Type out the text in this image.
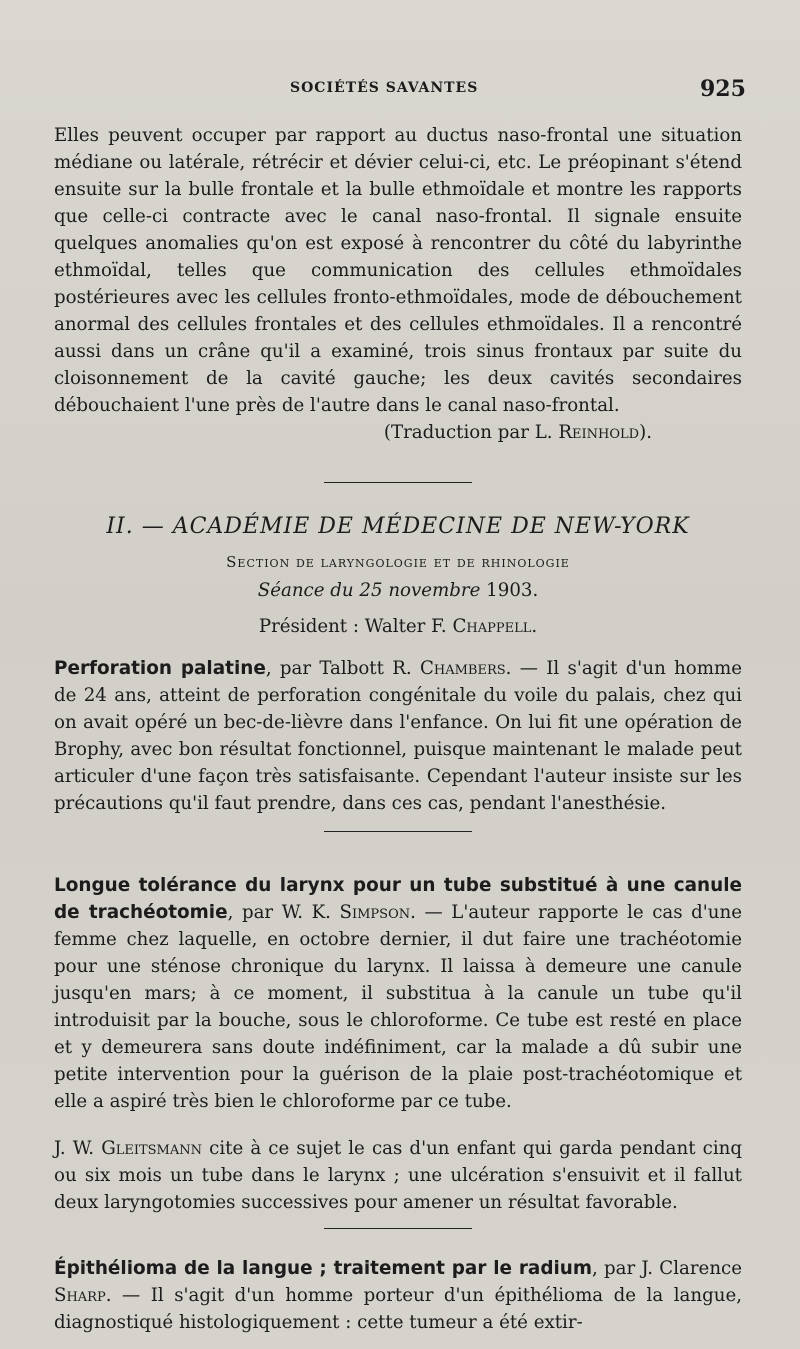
SOCIÉTÉS SAVANTES	925

Elles peuvent occuper par rapport au ductus naso-frontal une situation médiane ou latérale, rétrécir et dévier celui-ci, etc. Le préopinant s'étend ensuite sur la bulle frontale et la bulle ethmoïdale et montre les rapports que celle-ci contracte avec le canal naso-frontal. Il signale ensuite quelques anomalies qu'on est exposé à rencontrer du côté du labyrinthe ethmoïdal, telles que communication des cellules ethmoïdales postérieures avec les cellules fronto-ethmoïdales, mode de débouchement anormal des cellules frontales et des cellules ethmoïdales. Il a rencontré aussi dans un crâne qu'il a examiné, trois sinus frontaux par suite du cloisonnement de la cavité gauche; les deux cavités secondaires débouchaient l'une près de l'autre dans le canal naso-frontal.

(Traduction par L. Reinhold).
II. — ACADÉMIE DE MÉDECINE DE NEW-YORK
Section de laryngologie et de rhinologie
Séance du 25 novembre 1903.
Président : Walter F. Chappell.

Perforation palatine, par Talbott R. Chambers. — Il s'agit d'un homme de 24 ans, atteint de perforation congénitale du voile du palais, chez qui on avait opéré un bec-de-lièvre dans l'enfance. On lui fit une opération de Brophy, avec bon résultat fonctionnel, puisque maintenant le malade peut articuler d'une façon très satisfaisante. Cependant l'auteur insiste sur les précautions qu'il faut prendre, dans ces cas, pendant l'anesthésie.

Longue tolérance du larynx pour un tube substitué à une canule de trachéotomie, par W. K. Simpson. — L'auteur rapporte le cas d'une femme chez laquelle, en octobre dernier, il dut faire une trachéotomie pour une sténose chronique du larynx. Il laissa à demeure une canule jusqu'en mars; à ce moment, il substitua à la canule un tube qu'il introduisit par la bouche, sous le chloroforme. Ce tube est resté en place et y demeurera sans doute indéfiniment, car la malade a dû subir une petite intervention pour la guérison de la plaie post-trachéotomique et elle a aspiré très bien le chloroforme par ce tube.

J. W. Gleitsmann cite à ce sujet le cas d'un enfant qui garda pendant cinq ou six mois un tube dans le larynx ; une ulcération s'ensuivit et il fallut deux laryngotomies successives pour amener un résultat favorable.

Épithélioma de la langue ; traitement par le radium, par J. Clarence Sharp. — Il s'agit d'un homme porteur d'un épithélioma de la langue, diagnostiqué histologiquement : cette tumeur a été extir-
